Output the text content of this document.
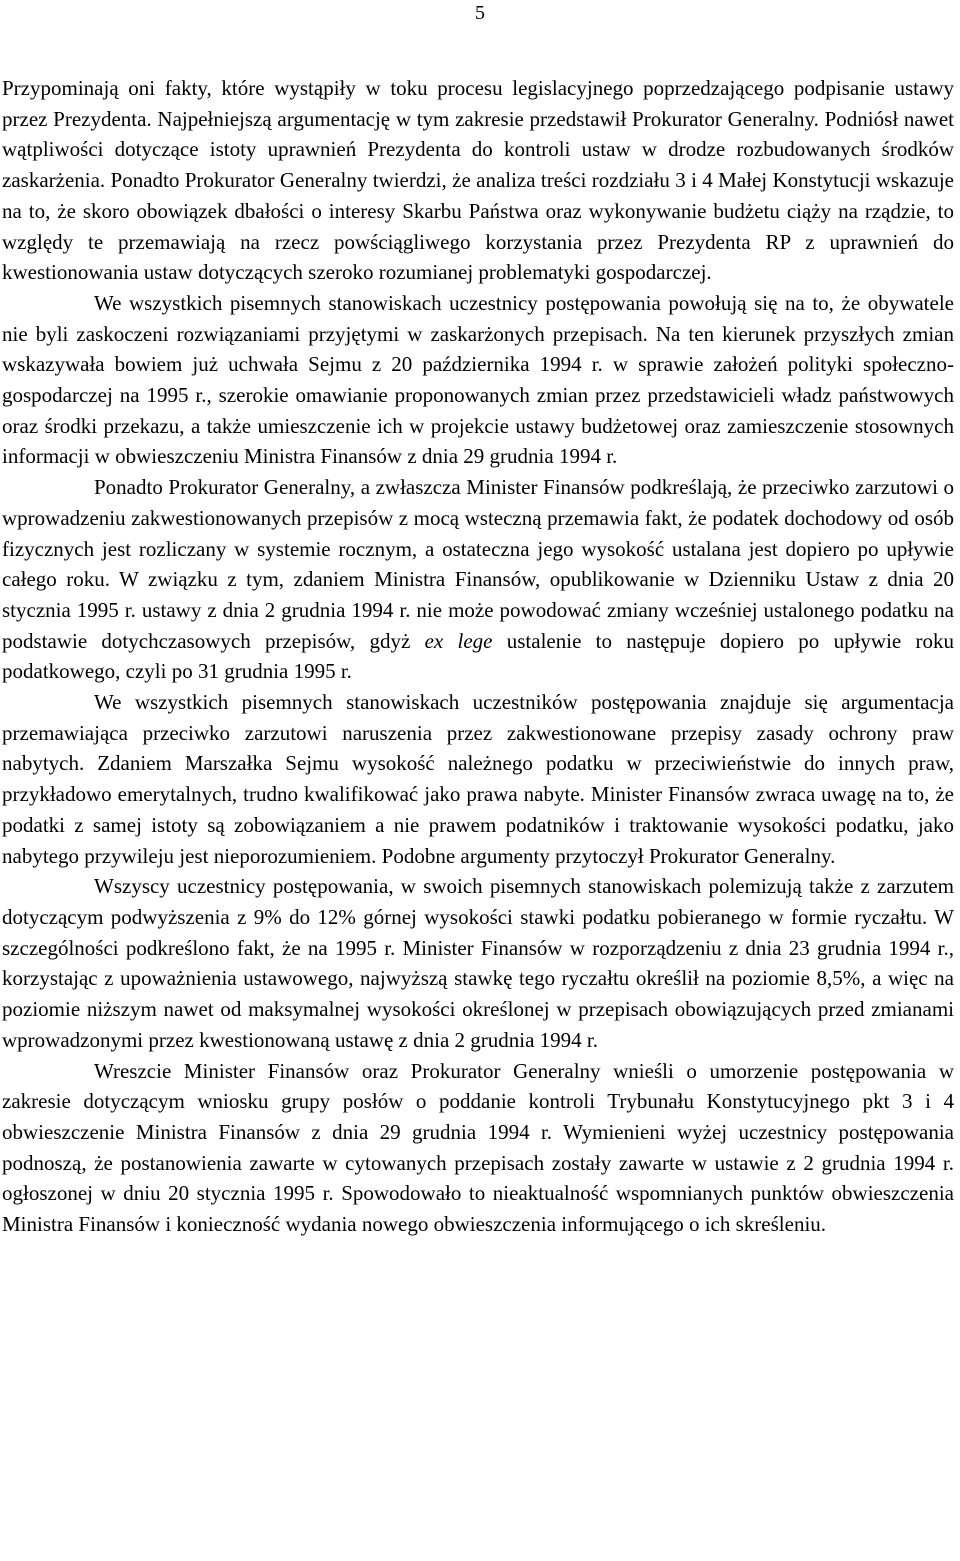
5

Przypominają oni fakty, które wystąpiły w toku procesu legislacyjnego poprzedzającego podpisanie ustawy przez Prezydenta. Najpełniejszą argumentację w tym zakresie przedstawił Prokurator Generalny. Podniósł nawet wątpliwości dotyczące istoty uprawnień Prezydenta do kontroli ustaw w drodze rozbudowanych środków zaskarżenia. Ponadto Prokurator Generalny twierdzi, że analiza treści rozdziału 3 i 4 Małej Konstytucji wskazuje na to, że skoro obowiązek dbałości o interesy Skarbu Państwa oraz wykonywanie budżetu ciąży na rządzie, to względy te przemawiają na rzecz powściągliwego korzystania przez Prezydenta RP z uprawnień do kwestionowania ustaw dotyczących szeroko rozumianej problematyki gospodarczej.

We wszystkich pisemnych stanowiskach uczestnicy postępowania powołują się na to, że obywatele nie byli zaskoczeni rozwiązaniami przyjętymi w zaskarżonych przepisach. Na ten kierunek przyszłych zmian wskazywała bowiem już uchwała Sejmu z 20 października 1994 r. w sprawie założeń polityki społeczno-gospodarczej na 1995 r., szerokie omawianie proponowanych zmian przez przedstawicieli władz państwowych oraz środki przekazu, a także umieszczenie ich w projekcie ustawy budżetowej oraz zamieszczenie stosownych informacji w obwieszczeniu Ministra Finansów z dnia 29 grudnia 1994 r.

Ponadto Prokurator Generalny, a zwłaszcza Minister Finansów podkreślają, że przeciwko zarzutowi o wprowadzeniu zakwestionowanych przepisów z mocą wsteczną przemawia fakt, że podatek dochodowy od osób fizycznych jest rozliczany w systemie rocznym, a ostateczna jego wysokość ustalana jest dopiero po upływie całego roku. W związku z tym, zdaniem Ministra Finansów, opublikowanie w Dzienniku Ustaw z dnia 20 stycznia 1995 r. ustawy z dnia 2 grudnia 1994 r. nie może powodować zmiany wcześniej ustalonego podatku na podstawie dotychczasowych przepisów, gdyż ex lege ustalenie to następuje dopiero po upływie roku podatkowego, czyli po 31 grudnia 1995 r.

We wszystkich pisemnych stanowiskach uczestników postępowania znajduje się argumentacja przemawiająca przeciwko zarzutowi naruszenia przez zakwestionowane przepisy zasady ochrony praw nabytych. Zdaniem Marszałka Sejmu wysokość należnego podatku w przeciwieństwie do innych praw, przykładowo emerytalnych, trudno kwalifikować jako prawa nabyte. Minister Finansów zwraca uwagę na to, że podatki z samej istoty są zobowiązaniem a nie prawem podatników i traktowanie wysokości podatku, jako nabytego przywileju jest nieporozumieniem. Podobne argumenty przytoczył Prokurator Generalny.

Wszyscy uczestnicy postępowania, w swoich pisemnych stanowiskach polemizują także z zarzutem dotyczącym podwyższenia z 9% do 12% górnej wysokości stawki podatku pobieranego w formie ryczałtu. W szczególności podkreślono fakt, że na 1995 r. Minister Finansów w rozporządzeniu z dnia 23 grudnia 1994 r., korzystając z upoważnienia ustawowego, najwyższą stawkę tego ryczałtu określił na poziomie 8,5%, a więc na poziomie niższym nawet od maksymalnej wysokości określonej w przepisach obowiązujących przed zmianami wprowadzonymi przez kwestionowaną ustawę z dnia 2 grudnia 1994 r.

Wreszcie Minister Finansów oraz Prokurator Generalny wnieśli o umorzenie postępowania w zakresie dotyczącym wniosku grupy posłów o poddanie kontroli Trybunału Konstytucyjnego pkt 3 i 4 obwieszczenie Ministra Finansów z dnia 29 grudnia 1994 r. Wymienieni wyżej uczestnicy postępowania podnoszą, że postanowienia zawarte w cytowanych przepisach zostały zawarte w ustawie z 2 grudnia 1994 r. ogłoszonej w dniu 20 stycznia 1995 r. Spowodowało to nieaktualność wspomnianych punktów obwieszczenia Ministra Finansów i konieczność wydania nowego obwieszczenia informującego o ich skreśleniu.
